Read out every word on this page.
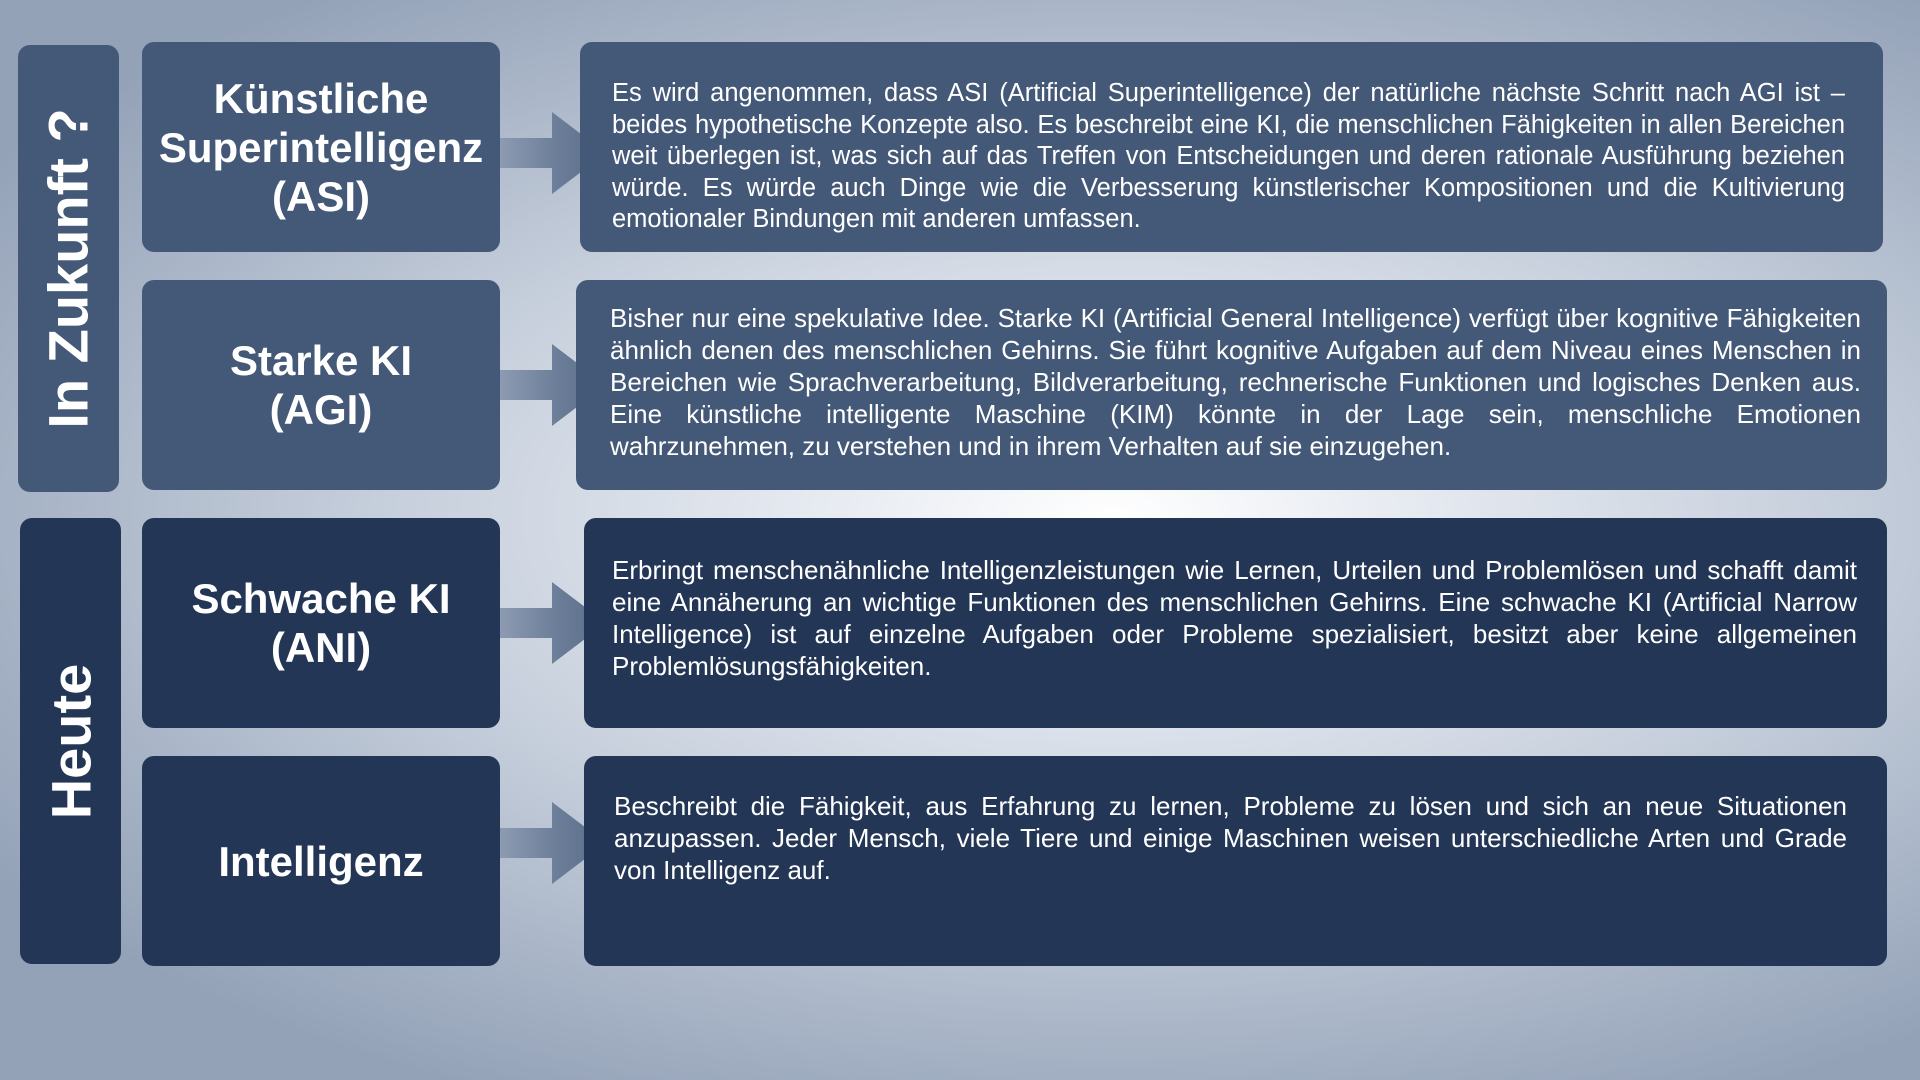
In Zukunft ?
Heute
Künstliche
Superintelligenz
(ASI)
Es wird angenommen, dass ASI (Artificial Superintelligence) der natürliche nächste Schritt nach AGI ist – beides hypothetische Konzepte also. Es beschreibt eine KI, die menschlichen Fähigkeiten in allen Bereichen weit überlegen ist, was sich auf das Treffen von Entscheidungen und deren rationale Ausführung beziehen würde. Es würde auch Dinge wie die Verbesserung künstlerischer Kompositionen und die Kultivierung emotionaler Bindungen mit anderen umfassen.
Starke KI
(AGI)
Bisher nur eine spekulative Idee. Starke KI (Artificial General Intelligence) verfügt über kognitive Fähigkeiten ähnlich denen des menschlichen Gehirns. Sie führt kognitive Aufgaben auf dem Niveau eines Menschen in Bereichen wie Sprachverarbeitung, Bildverarbeitung, rechnerische Funktionen und logisches Denken aus. Eine künstliche intelligente Maschine (KIM) könnte in der Lage sein, menschliche Emotionen wahrzunehmen, zu verstehen und in ihrem Verhalten auf sie einzugehen.
Schwache KI
(ANI)
Erbringt menschenähnliche Intelligenzleistungen wie Lernen, Urteilen und Problemlösen und schafft damit eine Annäherung an wichtige Funktionen des menschlichen Gehirns. Eine schwache KI (Artificial Narrow Intelligence) ist auf einzelne Aufgaben oder Probleme spezialisiert, besitzt aber keine allgemeinen Problemlösungsfähigkeiten.
Intelligenz
Beschreibt die Fähigkeit, aus Erfahrung zu lernen, Probleme zu lösen und sich an neue Situationen anzupassen. Jeder Mensch, viele Tiere und einige Maschinen weisen unterschiedliche Arten und Grade von Intelligenz auf.
